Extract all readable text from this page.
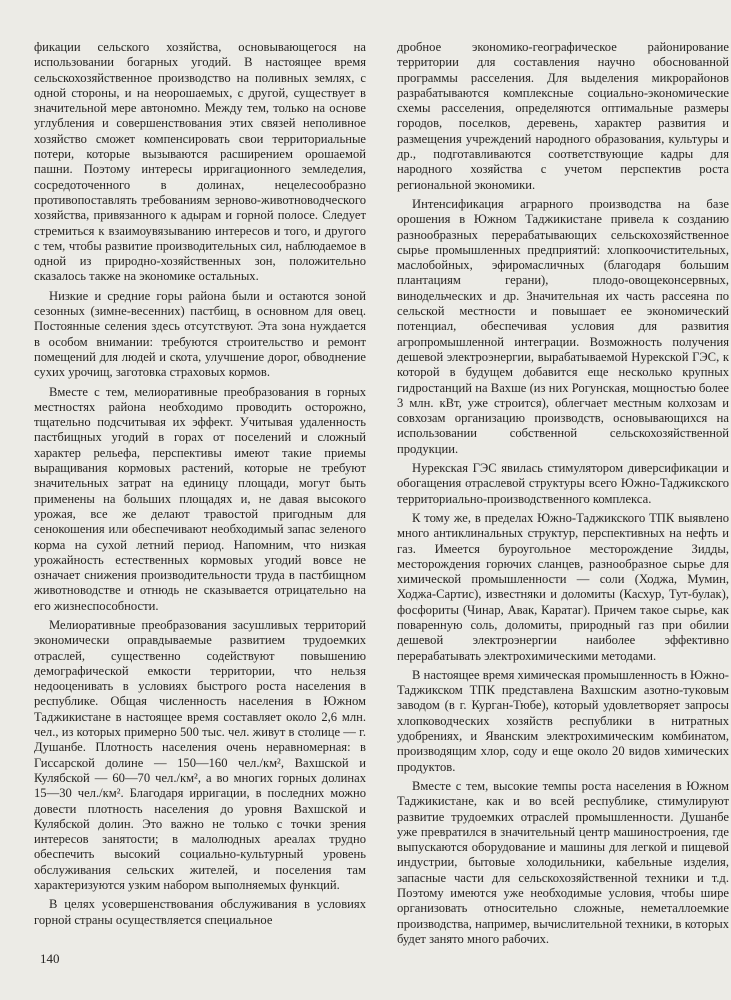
фикации сельского хозяйства, основывающегося на использовании богарных угодий. В настоящее время сельскохозяйственное производство на поливных землях, с одной стороны, и на неорошаемых, с другой, существует в значительной мере автономно. Между тем, только на основе углубления и совершенствования этих связей неполивное хозяйство сможет компенсировать свои территориальные потери, которые вызываются расширением орошаемой пашни. Поэтому интересы ирригационного земледелия, сосредоточенного в долинах, нецелесообразно противопоставлять требованиям зерново-животноводческого хозяйства, привязанного к адырам и горной полосе. Следует стремиться к взаимоувязыванию интересов и того, и другого с тем, чтобы развитие производительных сил, наблюдаемое в одной из природно-хозяйственных зон, положительно сказалось также на экономике остальных.

Низкие и средние горы района были и остаются зоной сезонных (зимне-весенних) пастбищ, в основном для овец. Постоянные селения здесь отсутствуют. Эта зона нуждается в особом внимании: требуются строительство и ремонт помещений для людей и скота, улучшение дорог, обводнение сухих урочищ, заготовка страховых кормов.

Вместе с тем, мелиоративные преобразования в горных местностях района необходимо проводить осторожно, тщательно подсчитывая их эффект. Учитывая удаленность пастбищных угодий в горах от поселений и сложный характер рельефа, перспективы имеют такие приемы выращивания кормовых растений, которые не требуют значительных затрат на единицу площади, могут быть применены на больших площадях и, не давая высокого урожая, все же делают травостой пригодным для сенокошения или обеспечивают необходимый запас зеленого корма на сухой летний период. Напомним, что низкая урожайность естественных кормовых угодий вовсе не означает снижения производительности труда в пастбищном животноводстве и отнюдь не сказывается отрицательно на его жизнеспособности.

Мелиоративные преобразования засушливых территорий экономически оправдываемые развитием трудоемких отраслей, существенно содействуют повышению демографической емкости территории, что нельзя недооценивать в условиях быстрого роста населения в республике. Общая численность населения в Южном Таджикистане в настоящее время составляет около 2,6 млн. чел., из которых примерно 500 тыс. чел. живут в столице — г. Душанбе. Плотность населения очень неравномерная: в Гиссарской долине — 150—160 чел./км², Вахшской и Кулябской — 60—70 чел./км², а во многих горных долинах 15—30 чел./км². Благодаря ирригации, в последних можно довести плотность населения до уровня Вахшской и Кулябской долин. Это важно не только с точки зрения интересов занятости; в малолюдных ареалах трудно обеспечить высокий социально-культурный уровень обслуживания сельских жителей, и поселения там характеризуются узким набором выполняемых функций.

В целях усовершенствования обслуживания в условиях горной страны осуществляется специальное

дробное экономико-географическое районирование территории для составления научно обоснованной программы расселения. Для выделения микрорайонов разрабатываются комплексные социально-экономические схемы расселения, определяются оптимальные размеры городов, поселков, деревень, характер развития и размещения учреждений народного образования, культуры и др., подготавливаются соответствующие кадры для народного хозяйства с учетом перспектив роста региональной экономики.

Интенсификация аграрного производства на базе орошения в Южном Таджикистане привела к созданию разнообразных перерабатывающих сельскохозяйственное сырье промышленных предприятий: хлопкоочистительных, маслобойных, эфиромасличных (благодаря большим плантациям герани), плодо-овощеконсервных, винодельческих и др. Значительная их часть рассеяна по сельской местности и повышает ее экономический потенциал, обеспечивая условия для развития агропромышленной интеграции. Возможность получения дешевой электроэнергии, вырабатываемой Нурекской ГЭС, к которой в будущем добавится еще несколько крупных гидростанций на Вахше (из них Рогунская, мощностью более 3 млн. кВт, уже строится), облегчает местным колхозам и совхозам организацию производств, основывающихся на использовании собственной сельскохозяйственной продукции.

Нурекская ГЭС явилась стимулятором диверсификации и обогащения отраслевой структуры всего Южно-Таджикского территориально-производственного комплекса.

К тому же, в пределах Южно-Таджикского ТПК выявлено много антиклинальных структур, перспективных на нефть и газ. Имеется буроугольное месторождение Зидды, месторождения горючих сланцев, разнообразное сырье для химической промышленности — соли (Ходжа, Мумин, Ходжа-Сартис), известняки и доломиты (Касхур, Тут-булак), фосфориты (Чинар, Авак, Каратаг). Причем такое сырье, как поваренную соль, доломиты, природный газ при обилии дешевой электроэнергии наиболее эффективно перерабатывать электрохимическими методами.

В настоящее время химическая промышленность в Южно-Таджикском ТПК представлена Вахшским азотно-туковым заводом (в г. Курган-Тюбе), который удовлетворяет запросы хлопководческих хозяйств республики в нитратных удобрениях, и Яванским электрохимическим комбинатом, производящим хлор, соду и еще около 20 видов химических продуктов.

Вместе с тем, высокие темпы роста населения в Южном Таджикистане, как и во всей республике, стимулируют развитие трудоемких отраслей промышленности. Душанбе уже превратился в значительный центр машиностроения, где выпускаются оборудование и машины для легкой и пищевой индустрии, бытовые холодильники, кабельные изделия, запасные части для сельскохозяйственной техники и т.д. Поэтому имеются уже необходимые условия, чтобы шире организовать относительно сложные, неметаллоемкие производства, например, вычислительной техники, в которых будет занято много рабочих.

140
